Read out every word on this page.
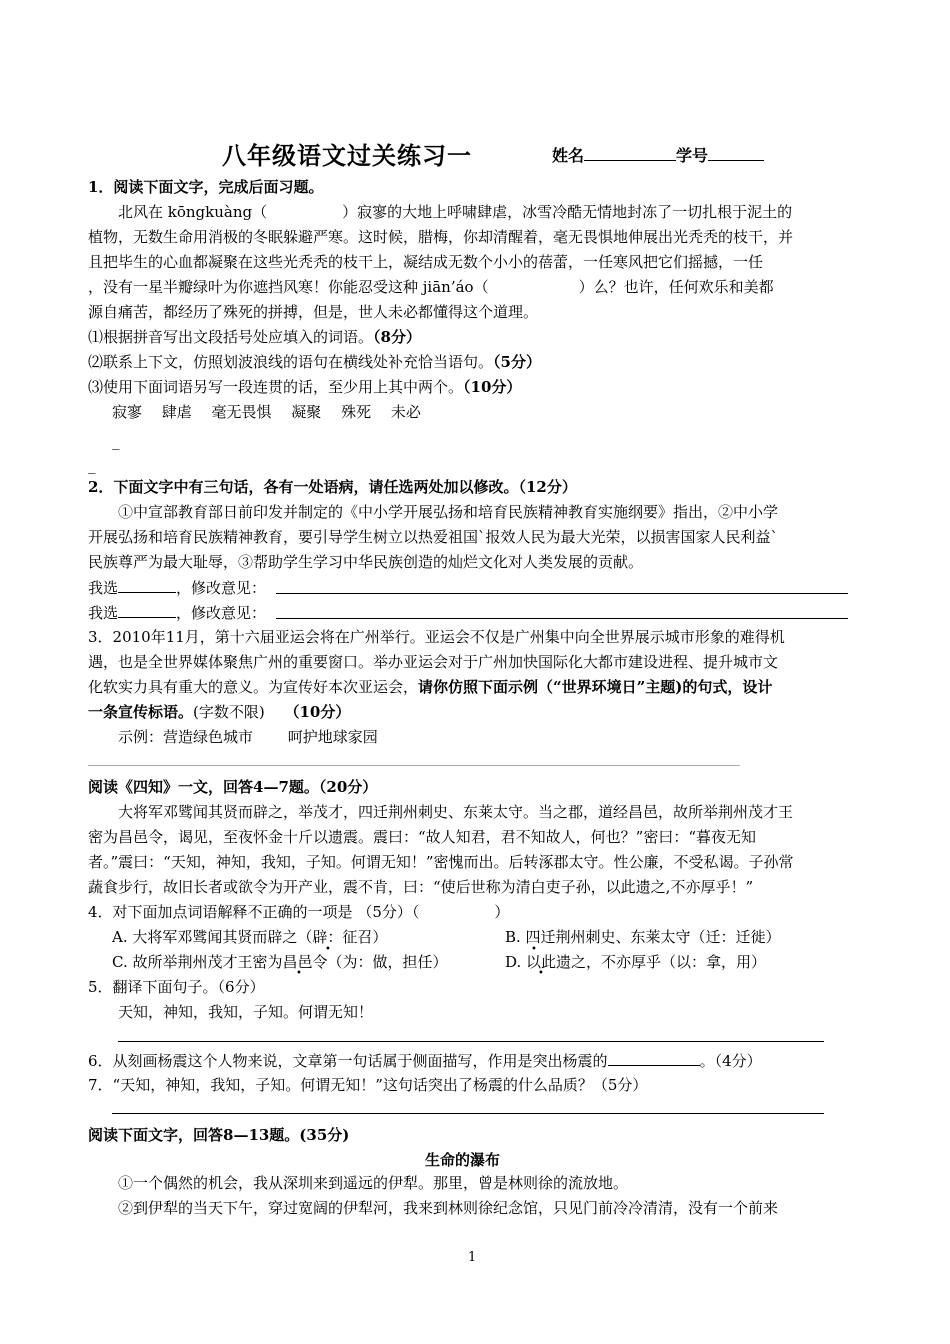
八年级语文过关练习一	姓名	学号
1．阅读下面文字，完成后面习题。
　　北风在 kōngkuàng（　　　　　）寂寥的大地上呼啸肆虐，冰雪冷酷无情地封冻了一切扎根于泥土的
植物，无数生命用消极的冬眠躲避严寒。这时候，腊梅，你却清醒着，毫无畏惧地伸展出光秃秃的枝干，并
且把毕生的心血都凝聚在这些光秃秃的枝干上，凝结成无数个小小的蓓蕾，一任寒风把它们摇撼，一任
，没有一星半瓣绿叶为你遮挡风寒！你能忍受这种 jiān’áo（　　　　　　）么？也许，任何欢乐和美都
源自痛苦，都经历了殊死的拼搏，但是，世人未必都懂得这个道理。
⑴根据拼音写出文段括号处应填入的词语。（8分）
⑵联系上下文，仿照划波浪线的语句在横线处补充恰当语句。（5分）
⑶使用下面词语另写一段连贯的话，至少用上其中两个。（10分）
寂寥　 肆虐　 毫无畏惧　 凝聚　 殊死　 未必
_
_
2．下面文字中有三句话，各有一处语病，请任选两处加以修改。（12分）
　　①中宣部教育部日前印发并制定的《中小学开展弘扬和培育民族精神教育实施纲要》指出，②中小学
开展弘扬和培育民族精神教育，要引导学生树立以热爱祖国`报效人民为最大光荣，以损害国家人民利益`
民族尊严为最大耻辱，③帮助学生学习中华民族创造的灿烂文化对人类发展的贡献。
我选	，修改意见：
我选	，修改意见：
3．2010年11月，第十六届亚运会将在广州举行。亚运会不仅是广州集中向全世界展示城市形象的难得机
遇，也是全世界媒体聚焦广州的重要窗口。举办亚运会对于广州加快国际化大都市建设进程、提升城市文
化软实力具有重大的意义。为宣传好本次亚运会，请你仿照下面示例（“世界环境日”主题)的句式，设计
一条宣传标语。(字数不限)　 （10分）
　　示例：营造绿色城市　　 呵护地球家园
阅读《四知》一文，回答4—7题。（20分）
　　大将军邓骘闻其贤而辟之，举茂才，四迁荆州刺史、东莱太守。当之郡，道经昌邑，故所举荆州茂才王
密为昌邑令，谒见，至夜怀金十斤以遗震。震曰：“故人知君，君不知故人，何也？”密曰：“暮夜无知
者。”震曰：“天知，神知，我知，子知。何谓无知！”密愧而出。后转涿郡太守。性公廉，不受私谒。子孙常
蔬食步行，故旧长者或欲令为开产业，震不肯，曰：“使后世称为清白吏子孙，以此遗之,不亦厚乎！”
4．对下面加点词语解释不正确的一项是 （5分）（　　　　　）
A. 大将军邓骘闻其贤而辟之（辟：征召）	B. 四迁荆州刺史、东莱太守（迁：迁徙）
C. 故所举荆州茂才王密为昌邑令（为：做，担任）	D. 以此遗之，不亦厚乎（以：拿，用）
•	•
•	•
5．翻译下面句子。（6分）
　　天知，神知，我知，子知。何谓无知！
6．从刻画杨震这个人物来说，文章第一句话属于侧面描写，作用是突出杨震的	。（4分）
7．“天知，神知，我知，子知。何谓无知！”这句话突出了杨震的什么品质？（5分）
阅读下面文字，回答8—13题。(35分)
生命的瀑布
①一个偶然的机会，我从深圳来到遥远的伊犁。那里，曾是林则徐的流放地。
②到伊犁的当天下午，穿过宽阔的伊犁河，我来到林则徐纪念馆，只见门前冷冷清清，没有一个前来
1
